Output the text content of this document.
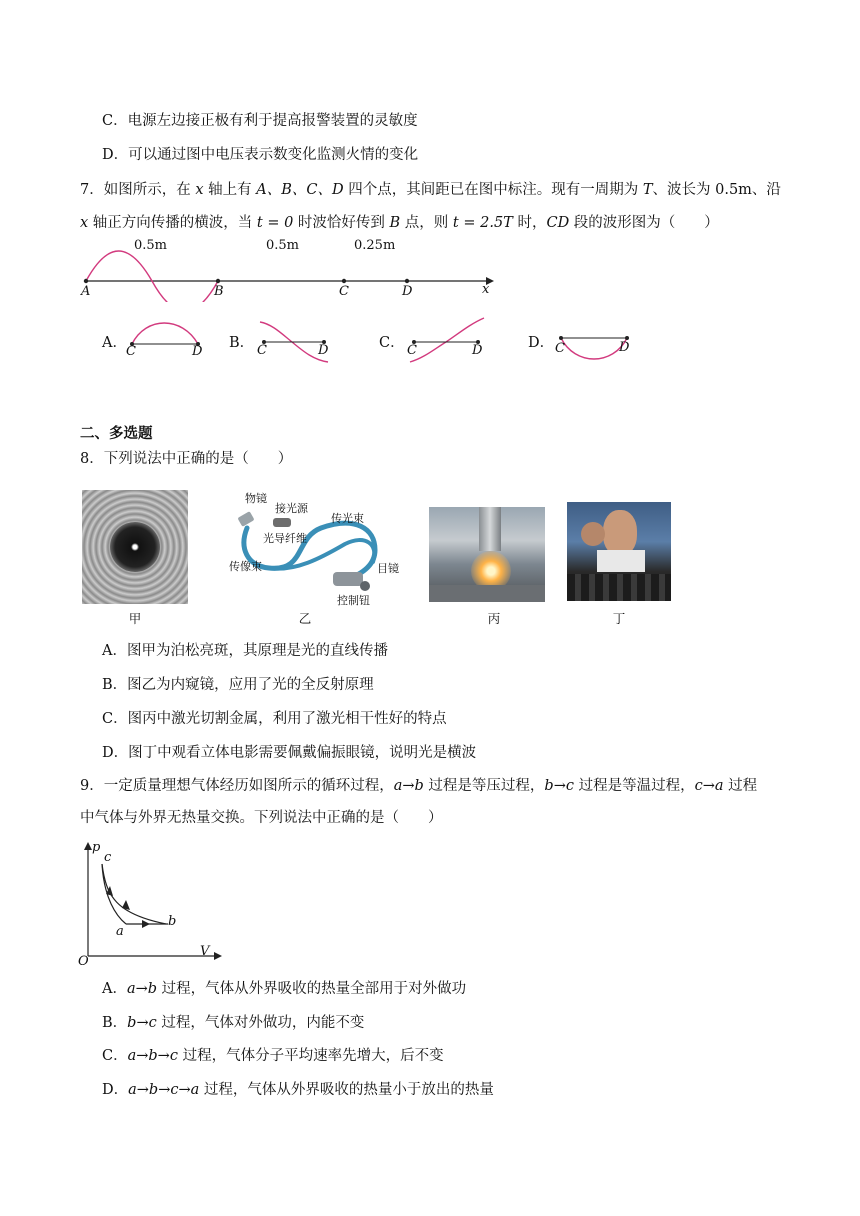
C．电源左边接正极有利于提高报警装置的灵敏度
D．可以通过图中电压表示数变化监测火情的变化
7．如图所示，在 x 轴上有 A、B、C、D 四个点，其间距已在图中标注。现有一周期为 T、波长为 0.5m、沿
x 轴正方向传播的横波，当 t = 0 时波恰好传到 B 点，则 t = 2.5T 时，CD 段的波形图为（　　）
0.5m	0.5m	0.25m
A	B	C	D	x
A．
C	D
B． C	D	C． C	D	D． C	D
二、多选题
8．下列说法中正确的是（　　）
甲
物镜
接光源
传光束
光导纤维
传像束	目镜
控制钮
乙	丙	丁
A．图甲为泊松亮斑，其原理是光的直线传播
B．图乙为内窥镜，应用了光的全反射原理
C．图丙中激光切割金属，利用了激光相干性好的特点
D．图丁中观看立体电影需要佩戴偏振眼镜，说明光是横波
9．一定质量理想气体经历如图所示的循环过程，a→b 过程是等压过程，b→c 过程是等温过程，c→a 过程
中气体与外界无热量交换。下列说法中正确的是（　　）
p
V
O
c
a
b
A．a→b 过程，气体从外界吸收的热量全部用于对外做功
B．b→c 过程，气体对外做功，内能不变
C．a→b→c 过程，气体分子平均速率先增大，后不变
D．a→b→c→a 过程，气体从外界吸收的热量小于放出的热量
